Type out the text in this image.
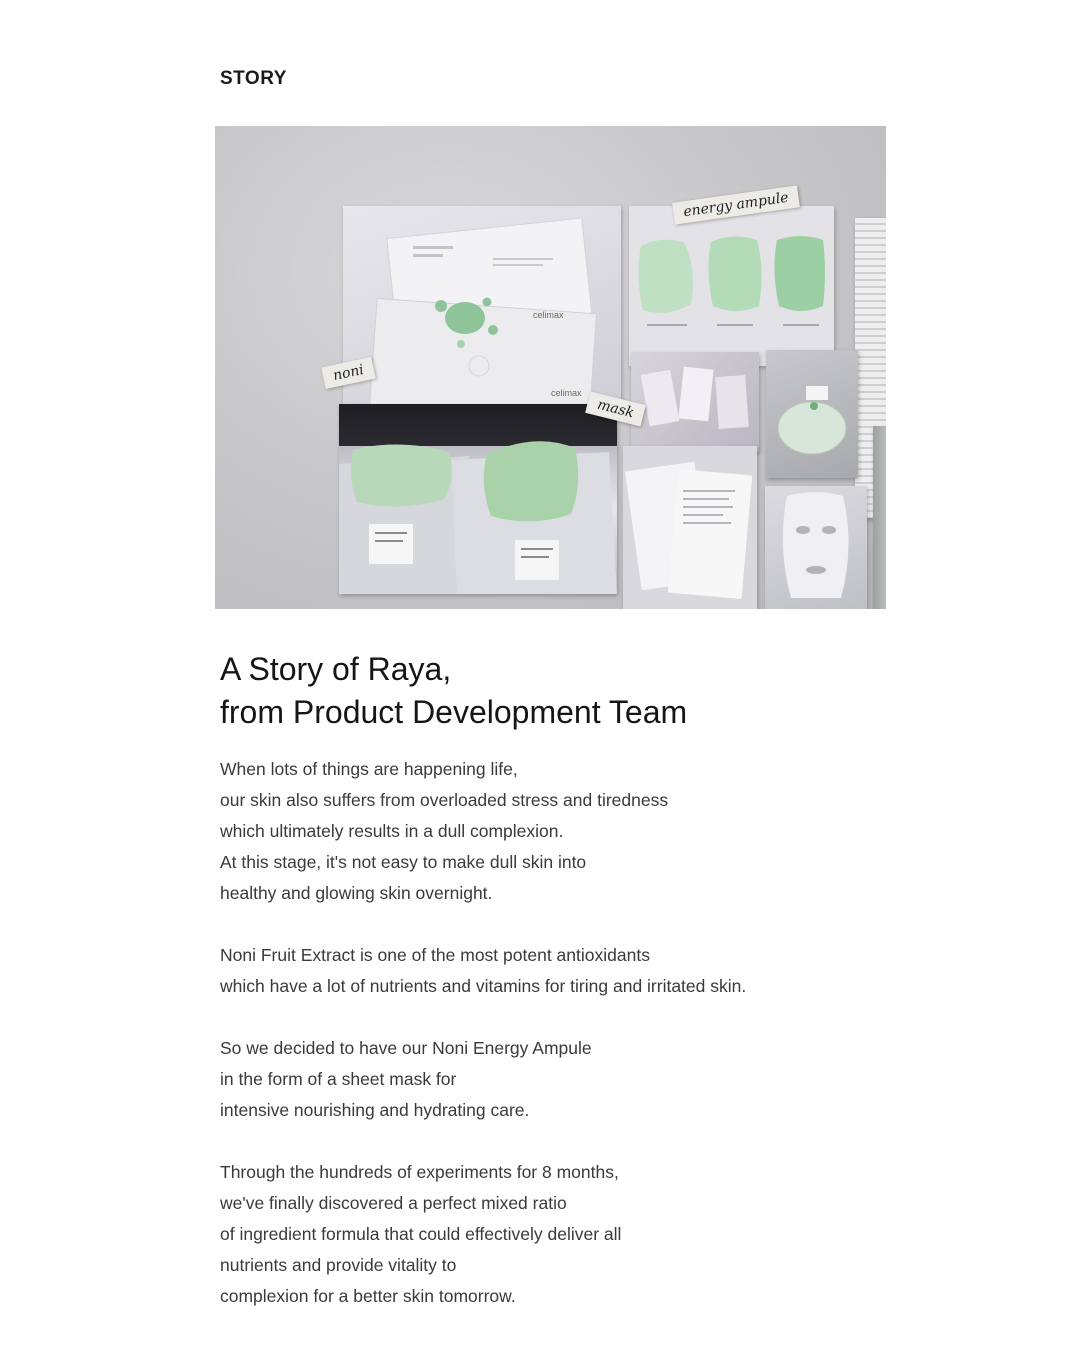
STORY
celimax
celimax
energy ampule
noni
mask
A Story of Raya,
from Product Development Team

When lots of things are happening life,
our skin also suffers from overloaded stress and tiredness
which ultimately results in a dull complexion.
At this stage, it's not easy to make dull skin into
healthy and glowing skin overnight.

Noni Fruit Extract is one of the most potent antioxidants
which have a lot of nutrients and vitamins for tiring and irritated skin.

So we decided to have our Noni Energy Ampule
in the form of a sheet mask for
intensive nourishing and hydrating care.

Through the hundreds of experiments for 8 months,
we've finally discovered a perfect mixed ratio
of ingredient formula that could effectively deliver all
nutrients and provide vitality to
complexion for a better skin tomorrow.
